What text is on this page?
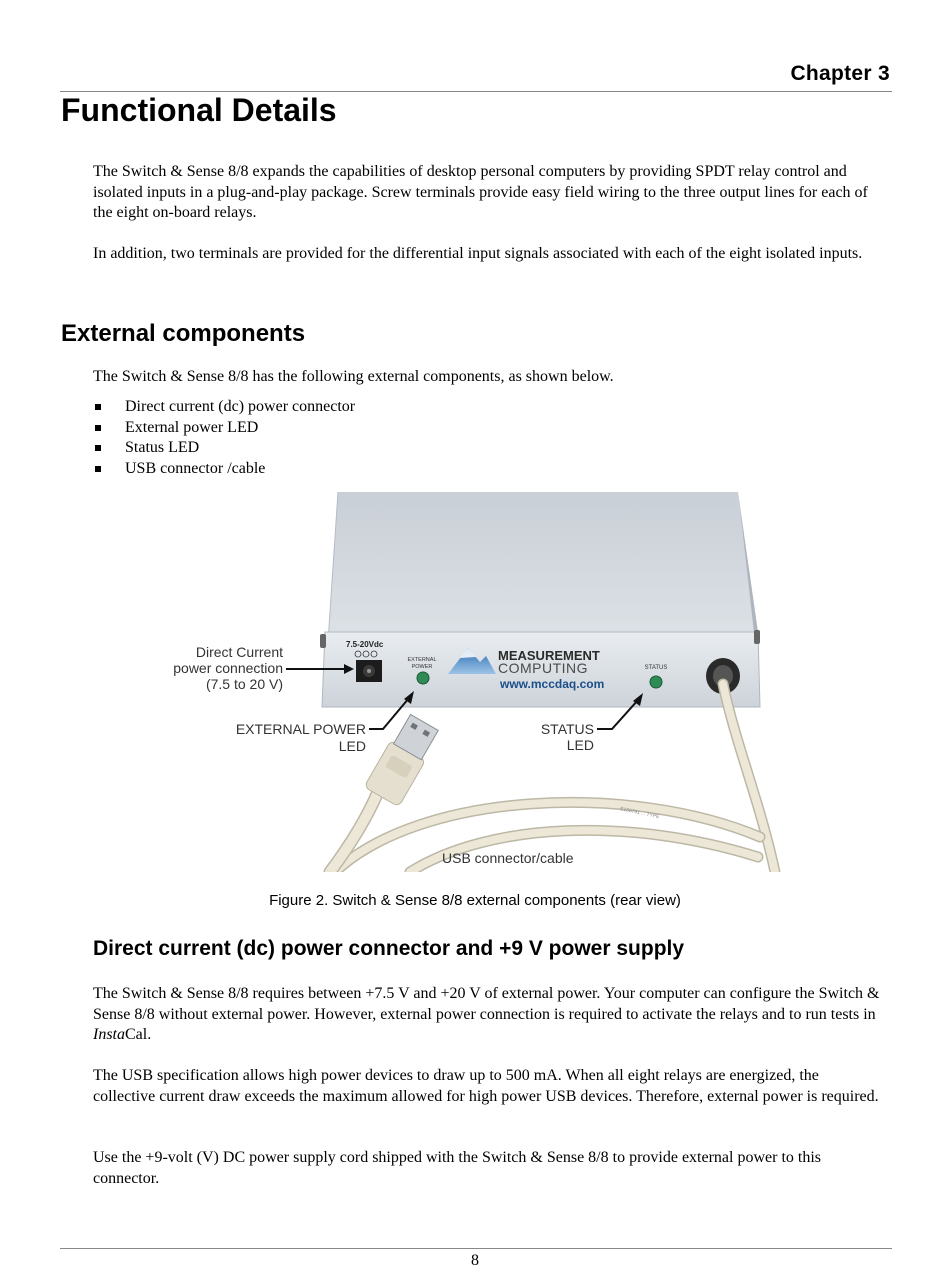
Chapter 3
Functional Details

The Switch & Sense 8/8 expands the capabilities of desktop personal computers by providing SPDT relay control and isolated inputs in a plug-and-play package. Screw terminals provide easy field wiring to the three output lines for each of the eight on-board relays.

In addition, two terminals are provided for the differential input signals associated with each of the eight isolated inputs.

External components

The Switch & Sense 8/8 has the following external components, as shown below.

Direct current (dc) power connector
External power LED
Status LED
USB connector /cable
7.5-20Vdc
EXTERNAL
POWER
MEASUREMENT
COMPUTING
www.mccdaq.com
STATUS
E166791 ... TYPE
Direct Current
power connection
(7.5 to 20 V)
EXTERNAL POWER
LED
STATUS
LED
USB connector/cable
Figure 2. Switch & Sense 8/8 external components (rear view)
Direct current (dc) power connector and +9 V power supply

The Switch & Sense 8/8 requires between +7.5 V and +20 V of external power. Your computer can configure the Switch & Sense 8/8 without external power. However, external power connection is required to activate the relays and to run tests in InstaCal.

The USB specification allows high power devices to draw up to 500 mA. When all eight relays are energized, the collective current draw exceeds the maximum allowed for high power USB devices. Therefore, external power is required.

Use the +9-volt (V) DC power supply cord shipped with the Switch & Sense 8/8 to provide external power to this connector.

8
